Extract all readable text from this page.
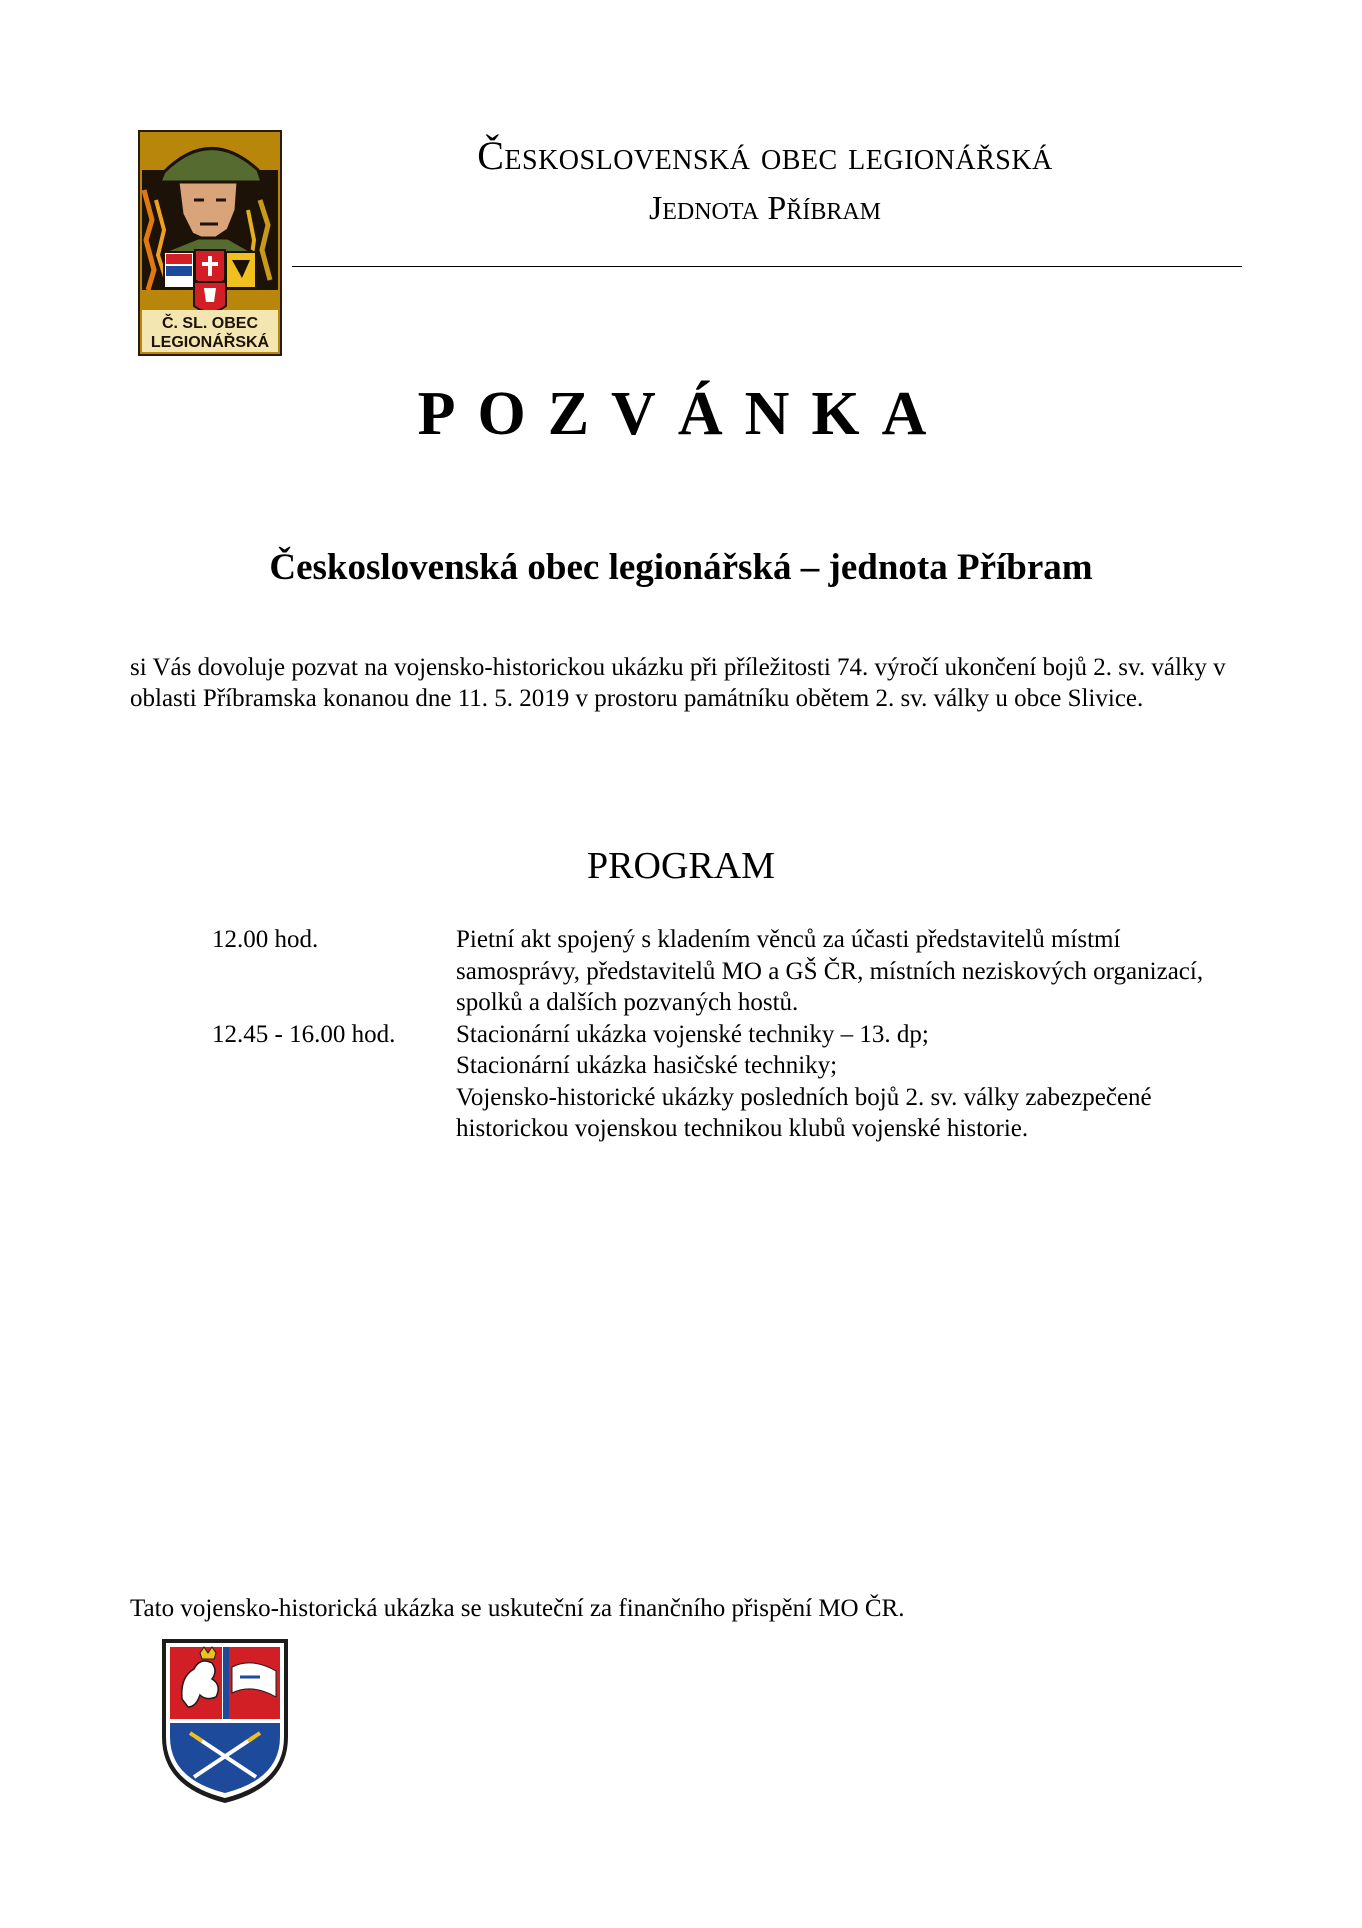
Č. SL. OBEC
LEGIONÁŘSKÁ
Československá obec legionářská
Jednota Příbram
POZVÁNKA
Československá obec legionářská – jednota Příbram
si Vás dovoluje pozvat na vojensko-historickou ukázku při příležitosti 74. výročí ukončení bojů 2. sv. války v oblasti Příbramska konanou dne 11. 5. 2019 v prostoru památníku obětem 2. sv. války u obce Slivice.
PROGRAM
12.00 hod.	Pietní akt spojený s kladením věnců za účasti představitelů místmí samosprávy, představitelů MO a GŠ ČR, místních neziskových organizací, spolků a dalších pozvaných hostů.
12.45 - 16.00 hod.	Stacionární ukázka vojenské techniky – 13. dp;
Stacionární ukázka hasičské techniky;
Vojensko-historické ukázky posledních bojů 2. sv. války zabezpečené historickou vojenskou technikou klubů vojenské historie.
Tato vojensko-historická ukázka se uskuteční za finančního přispění MO ČR.
